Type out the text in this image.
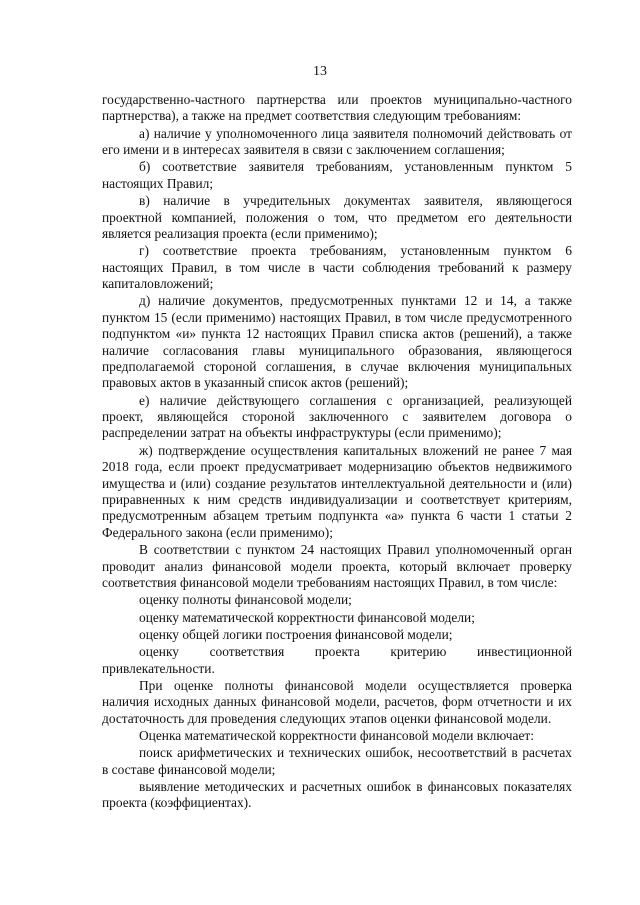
13

государственно-частного партнерства или проектов муниципально-частного партнерства), а также на предмет соответствия следующим требованиям:

а) наличие у уполномоченного лица заявителя полномочий действовать от его имени и в интересах заявителя в связи с заключением соглашения;

б) соответствие заявителя требованиям, установленным пунктом 5 настоящих Правил;

в) наличие в учредительных документах заявителя, являющегося проектной компанией, положения о том, что предметом его деятельности является реализация проекта (если применимо);

г) соответствие проекта требованиям, установленным пунктом 6 настоящих Правил, в том числе в части соблюдения требований к размеру капиталовложений;

д) наличие документов, предусмотренных пунктами 12 и 14, а также пунктом 15 (если применимо) настоящих Правил, в том числе предусмотренного подпунктом «и» пункта 12 настоящих Правил списка актов (решений), а также наличие согласования главы муниципального образования, являющегося предполагаемой стороной соглашения, в случае включения муниципальных правовых актов в указанный список актов (решений);

е) наличие действующего соглашения с организацией, реализующей проект, являющейся стороной заключенного с заявителем договора о распределении затрат на объекты инфраструктуры (если применимо);

ж) подтверждение осуществления капитальных вложений не ранее 7 мая 2018 года, если проект предусматривает модернизацию объектов недвижимого имущества и (или) создание результатов интеллектуальной деятельности и (или) приравненных к ним средств индивидуализации и соответствует критериям, предусмотренным абзацем третьим подпункта «а» пункта 6 части 1 статьи 2 Федерального закона (если применимо);

В соответствии с пунктом 24 настоящих Правил уполномоченный орган проводит анализ финансовой модели проекта, который включает проверку соответствия финансовой модели требованиям настоящих Правил, в том числе:

оценку полноты финансовой модели;

оценку математической корректности финансовой модели;

оценку общей логики построения финансовой модели;

оценку соответствия проекта критерию инвестиционной привлекательности.

При оценке полноты финансовой модели осуществляется проверка наличия исходных данных финансовой модели, расчетов, форм отчетности и их достаточность для проведения следующих этапов оценки финансовой модели.

Оценка математической корректности финансовой модели включает:

поиск арифметических и технических ошибок, несоответствий в расчетах в составе финансовой модели;

выявление методических и расчетных ошибок в финансовых показателях проекта (коэффициентах).
